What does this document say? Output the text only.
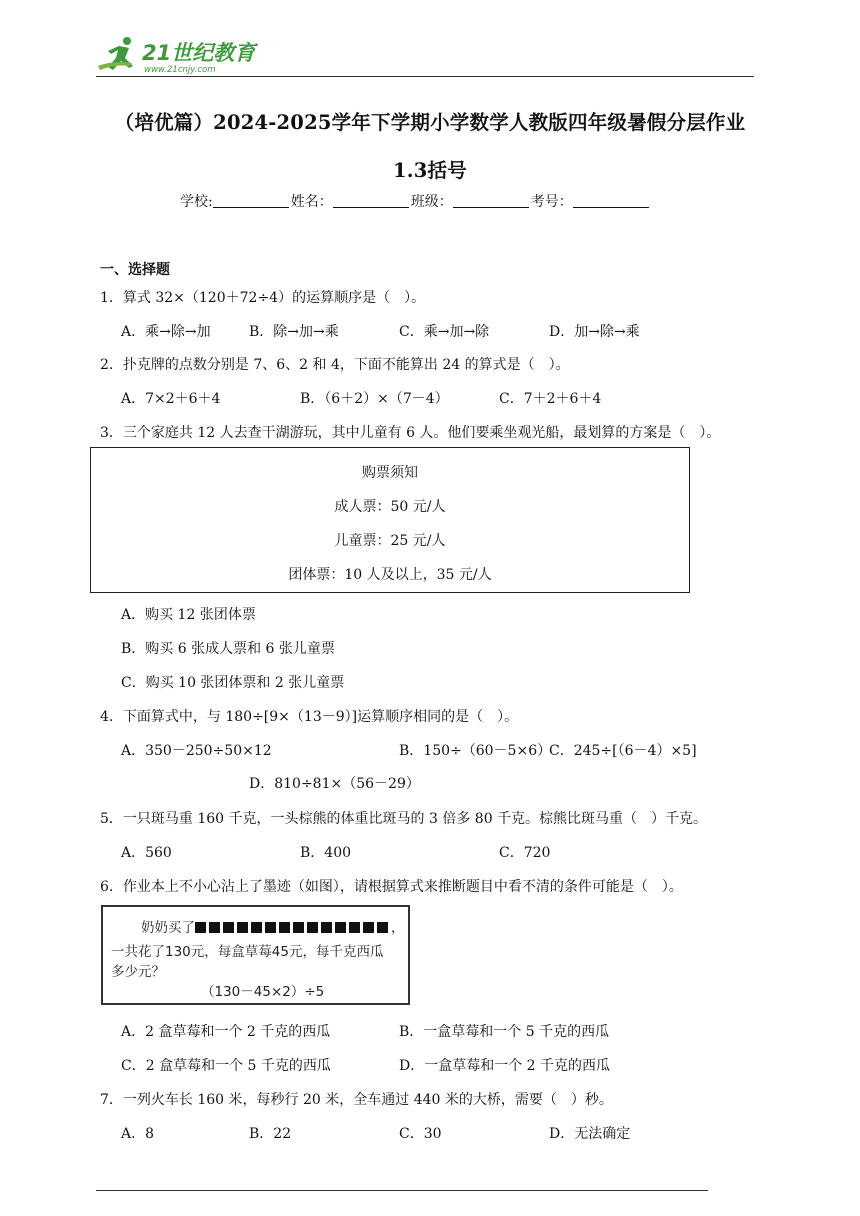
21世纪教育
www.21cnjy.com
（培优篇）2024-2025学年下学期小学数学人教版四年级暑假分层作业
1.3括号
学校:	姓名：	班级：	考号：
一、选择题
1．算式 32×（120＋72÷4）的运算顺序是（　）。
A．乘→除→加	B．除→加→乘	C．乘→加→除	D．加→除→乘
2．扑克牌的点数分别是 7、6、2 和 4，下面不能算出 24 的算式是（　）。
A．7×2＋6＋4	B．（6＋2）×（7－4）	C．7＋2＋6＋4
3．三个家庭共 12 人去查干湖游玩，其中儿童有 6 人。他们要乘坐观光船，最划算的方案是（　）。
购票须知
成人票：50 元/人
儿童票：25 元/人
团体票：10 人及以上，35 元/人
A．购买 12 张团体票
B．购买 6 张成人票和 6 张儿童票
C．购买 10 张团体票和 2 张儿童票
4．下面算式中，与 180÷[9×（13－9）]运算顺序相同的是（　）。
A．350－250÷50×12	B．150÷（60－5×6）
C．245÷[（6－4）×5]
D．810÷81×（56－29）
5．一只斑马重 160 千克，一头棕熊的体重比斑马的 3 倍多 80 千克。棕熊比斑马重（　）千克。
A．560	B．400	C．720
6．作业本上不小心沾上了墨迹（如图），请根据算式来推断题目中看不清的条件可能是（　）。
奶奶买了	，
一共花了130元，每盒草莓45元，每千克西瓜
多少元？
（130－45×2）÷5
A．2 盒草莓和一个 2 千克的西瓜	B．一盒草莓和一个 5 千克的西瓜
C．2 盒草莓和一个 5 千克的西瓜	D．一盒草莓和一个 2 千克的西瓜
7．一列火车长 160 米，每秒行 20 米，全车通过 440 米的大桥，需要（　）秒。
A．8	B．22	C．30	D．无法确定
